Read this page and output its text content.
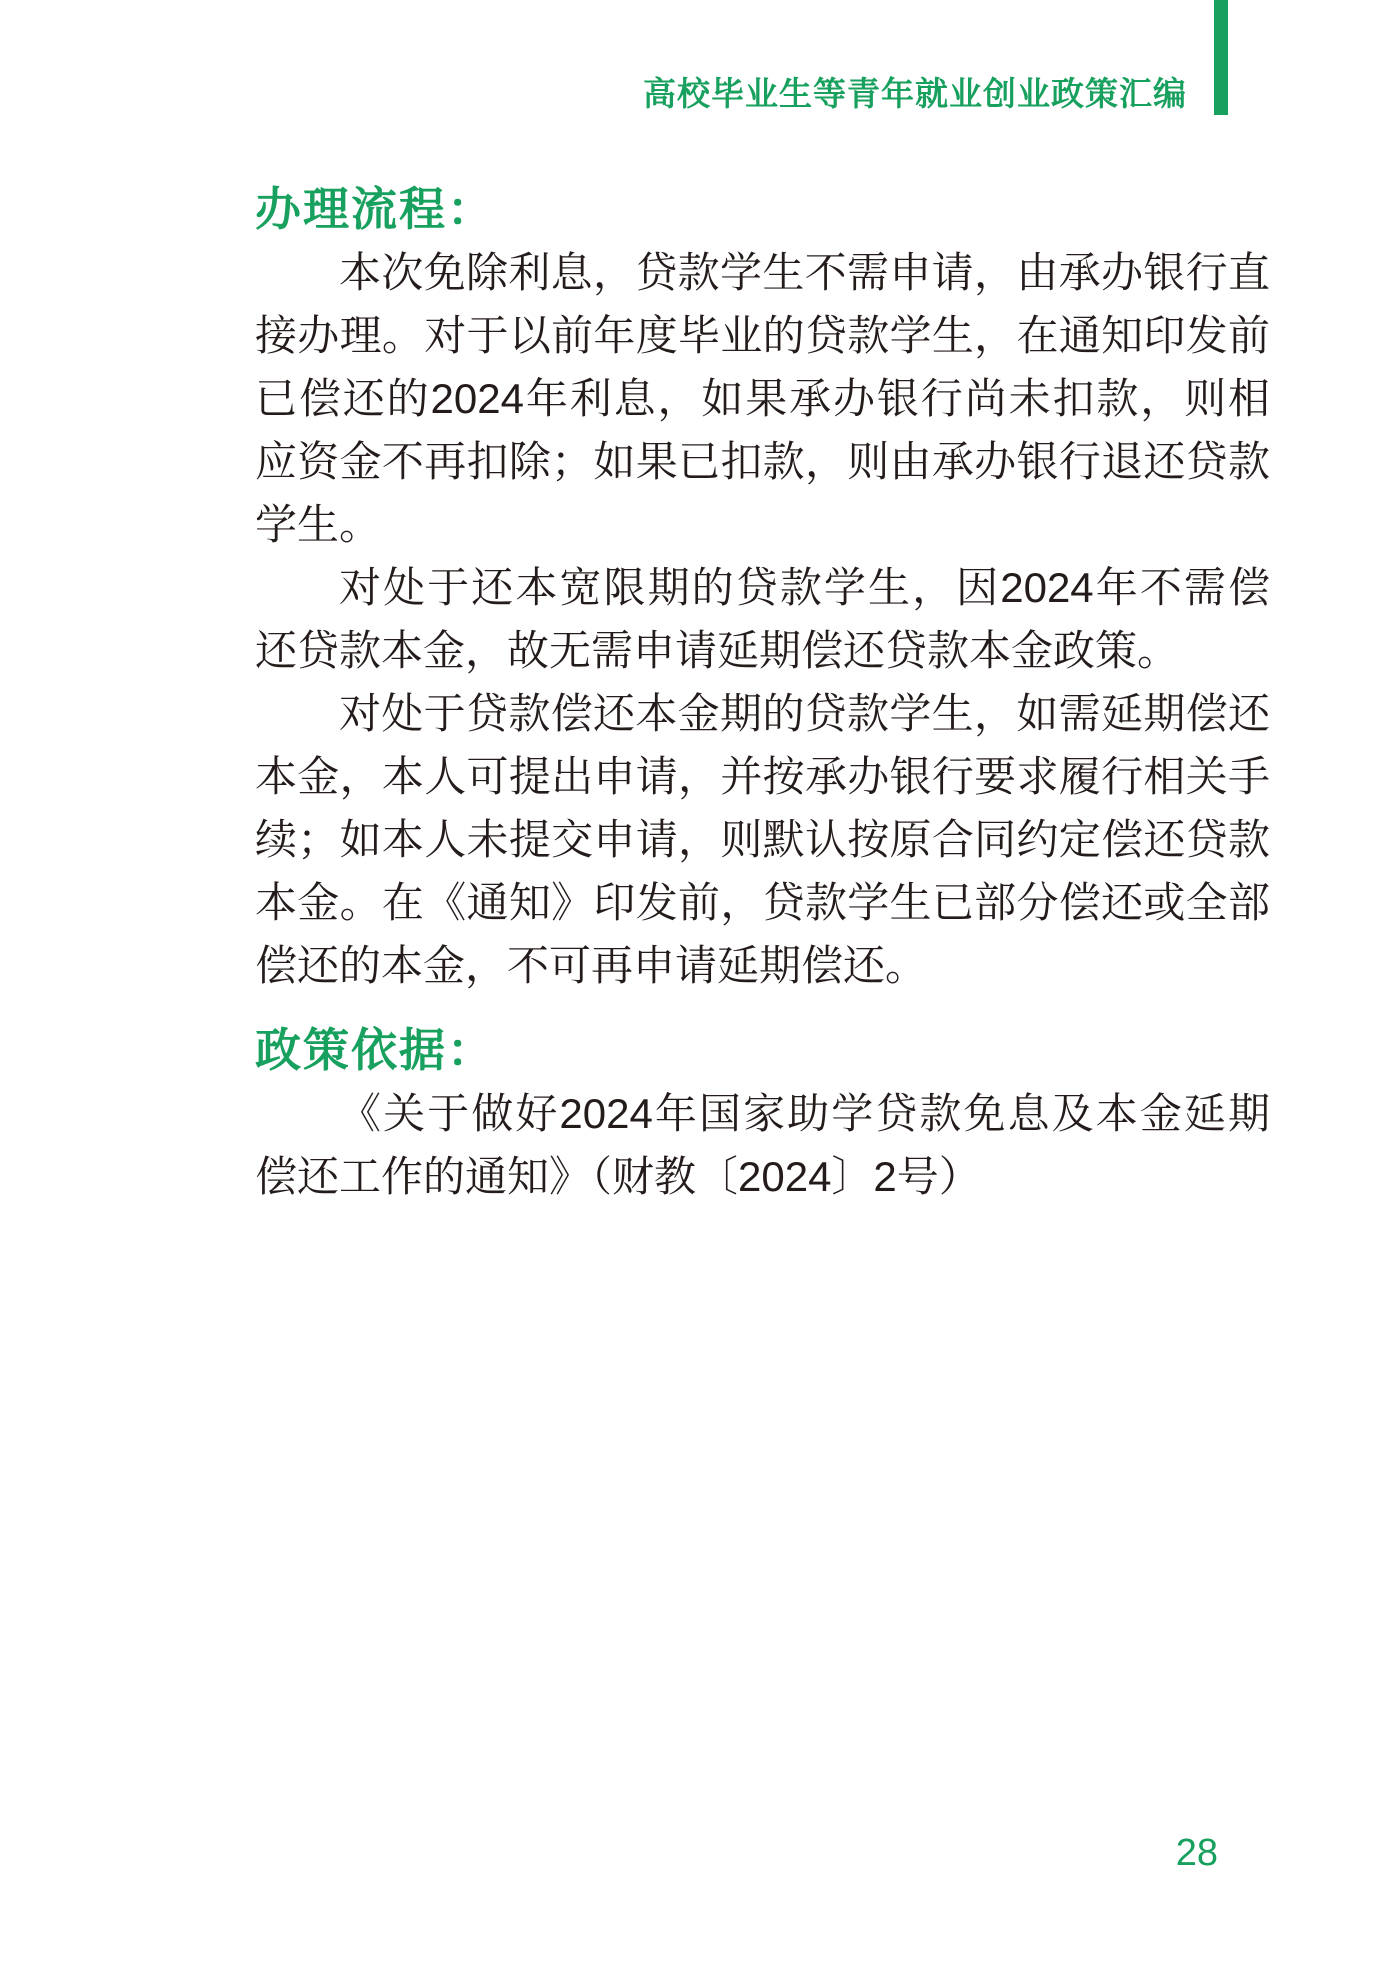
高校毕业生等青年就业创业政策汇编
办理流程：

本次免除利息，贷款学生不需申请，由承办银行直接办理。对于以前年度毕业的贷款学生，在通知印发前已偿还的2024年利息，如果承办银行尚未扣款，则相应资金不再扣除；如果已扣款，则由承办银行退还贷款学生。

对处于还本宽限期的贷款学生，因2024年不需偿还贷款本金，故无需申请延期偿还贷款本金政策。

对处于贷款偿还本金期的贷款学生，如需延期偿还本金，本人可提出申请，并按承办银行要求履行相关手续；如本人未提交申请，则默认按原合同约定偿还贷款本金。在《通知》印发前，贷款学生已部分偿还或全部偿还的本金，不可再申请延期偿还。

政策依据：

《关于做好2024年国家助学贷款免息及本金延期偿还工作的通知》（财教〔2024〕2号）

28
